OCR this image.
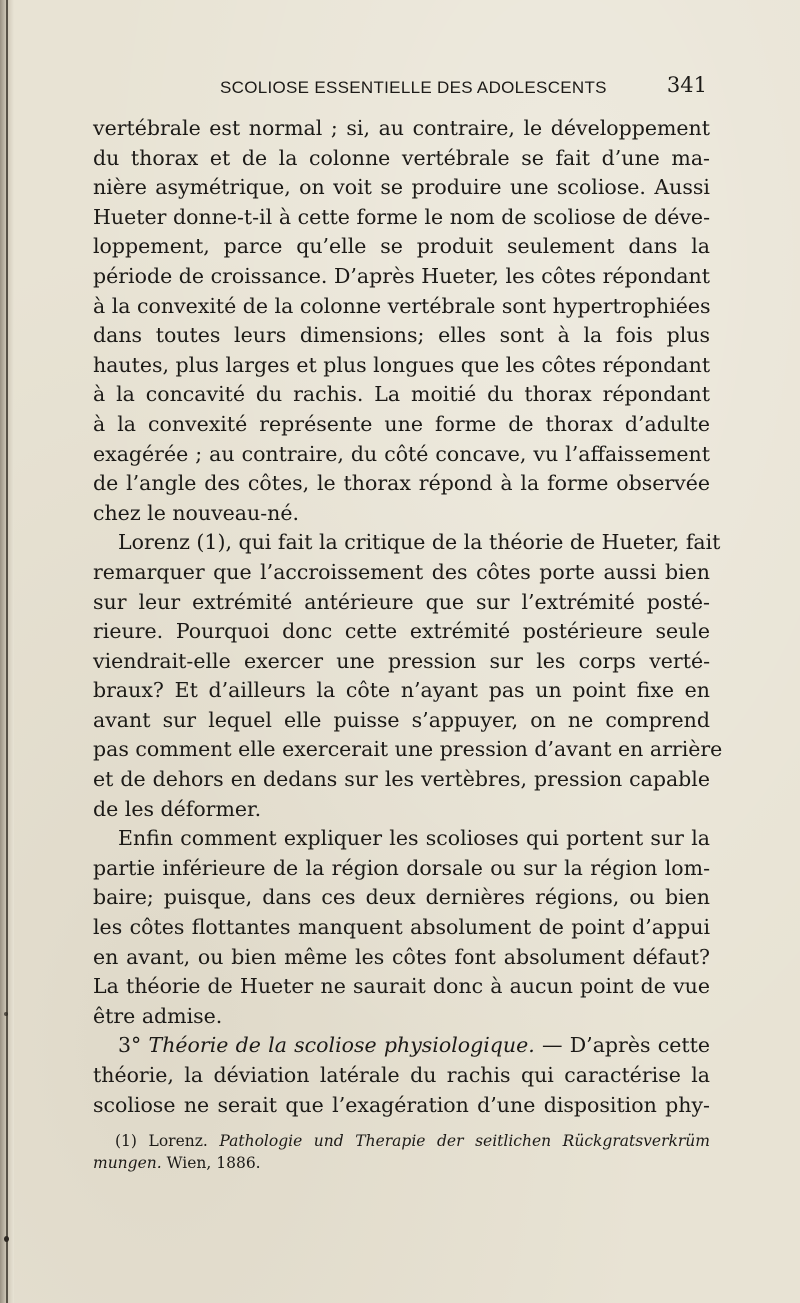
SCOLIOSE ESSENTIELLE DES ADOLESCENTS	341
vertébrale est normal ; si, au contraire, le développement
du thorax et de la colonne vertébrale se fait d’une ma-
nière asymétrique, on voit se produire une scoliose. Aussi
Hueter donne-t-il à cette forme le nom de scoliose de déve-
loppement, parce qu’elle se produit seulement dans la
période de croissance. D’après Hueter, les côtes répondant
à la convexité de la colonne vertébrale sont hypertrophiées
dans toutes leurs dimensions; elles sont à la fois plus
hautes, plus larges et plus longues que les côtes répondant
à la concavité du rachis. La moitié du thorax répondant
à la convexité représente une forme de thorax d’adulte
exagérée ; au contraire, du côté concave, vu l’affaissement
de l’angle des côtes, le thorax répond à la forme observée
chez le nouveau-né.
Lorenz (1), qui fait la critique de la théorie de Hueter, fait
remarquer que l’accroissement des côtes porte aussi bien
sur leur extrémité antérieure que sur l’extrémité posté-
rieure. Pourquoi donc cette extrémité postérieure seule
viendrait-elle exercer une pression sur les corps verté-
braux? Et d’ailleurs la côte n’ayant pas un point fixe en
avant sur lequel elle puisse s’appuyer, on ne comprend
pas comment elle exercerait une pression d’avant en arrière
et de dehors en dedans sur les vertèbres, pression capable
de les déformer.
Enfin comment expliquer les scolioses qui portent sur la
partie inférieure de la région dorsale ou sur la région lom-
baire; puisque, dans ces deux dernières régions, ou bien
les côtes flottantes manquent absolument de point d’appui
en avant, ou bien même les côtes font absolument défaut?
La théorie de Hueter ne saurait donc à aucun point de vue
être admise.
3° Théorie de la scoliose physiologique. — D’après cette
théorie, la déviation latérale du rachis qui caractérise la
scoliose ne serait que l’exagération d’une disposition phy-
(1) Lorenz. Pathologie und Therapie der seitlichen Rückgratsverkrüm
mungen. Wien, 1886.
